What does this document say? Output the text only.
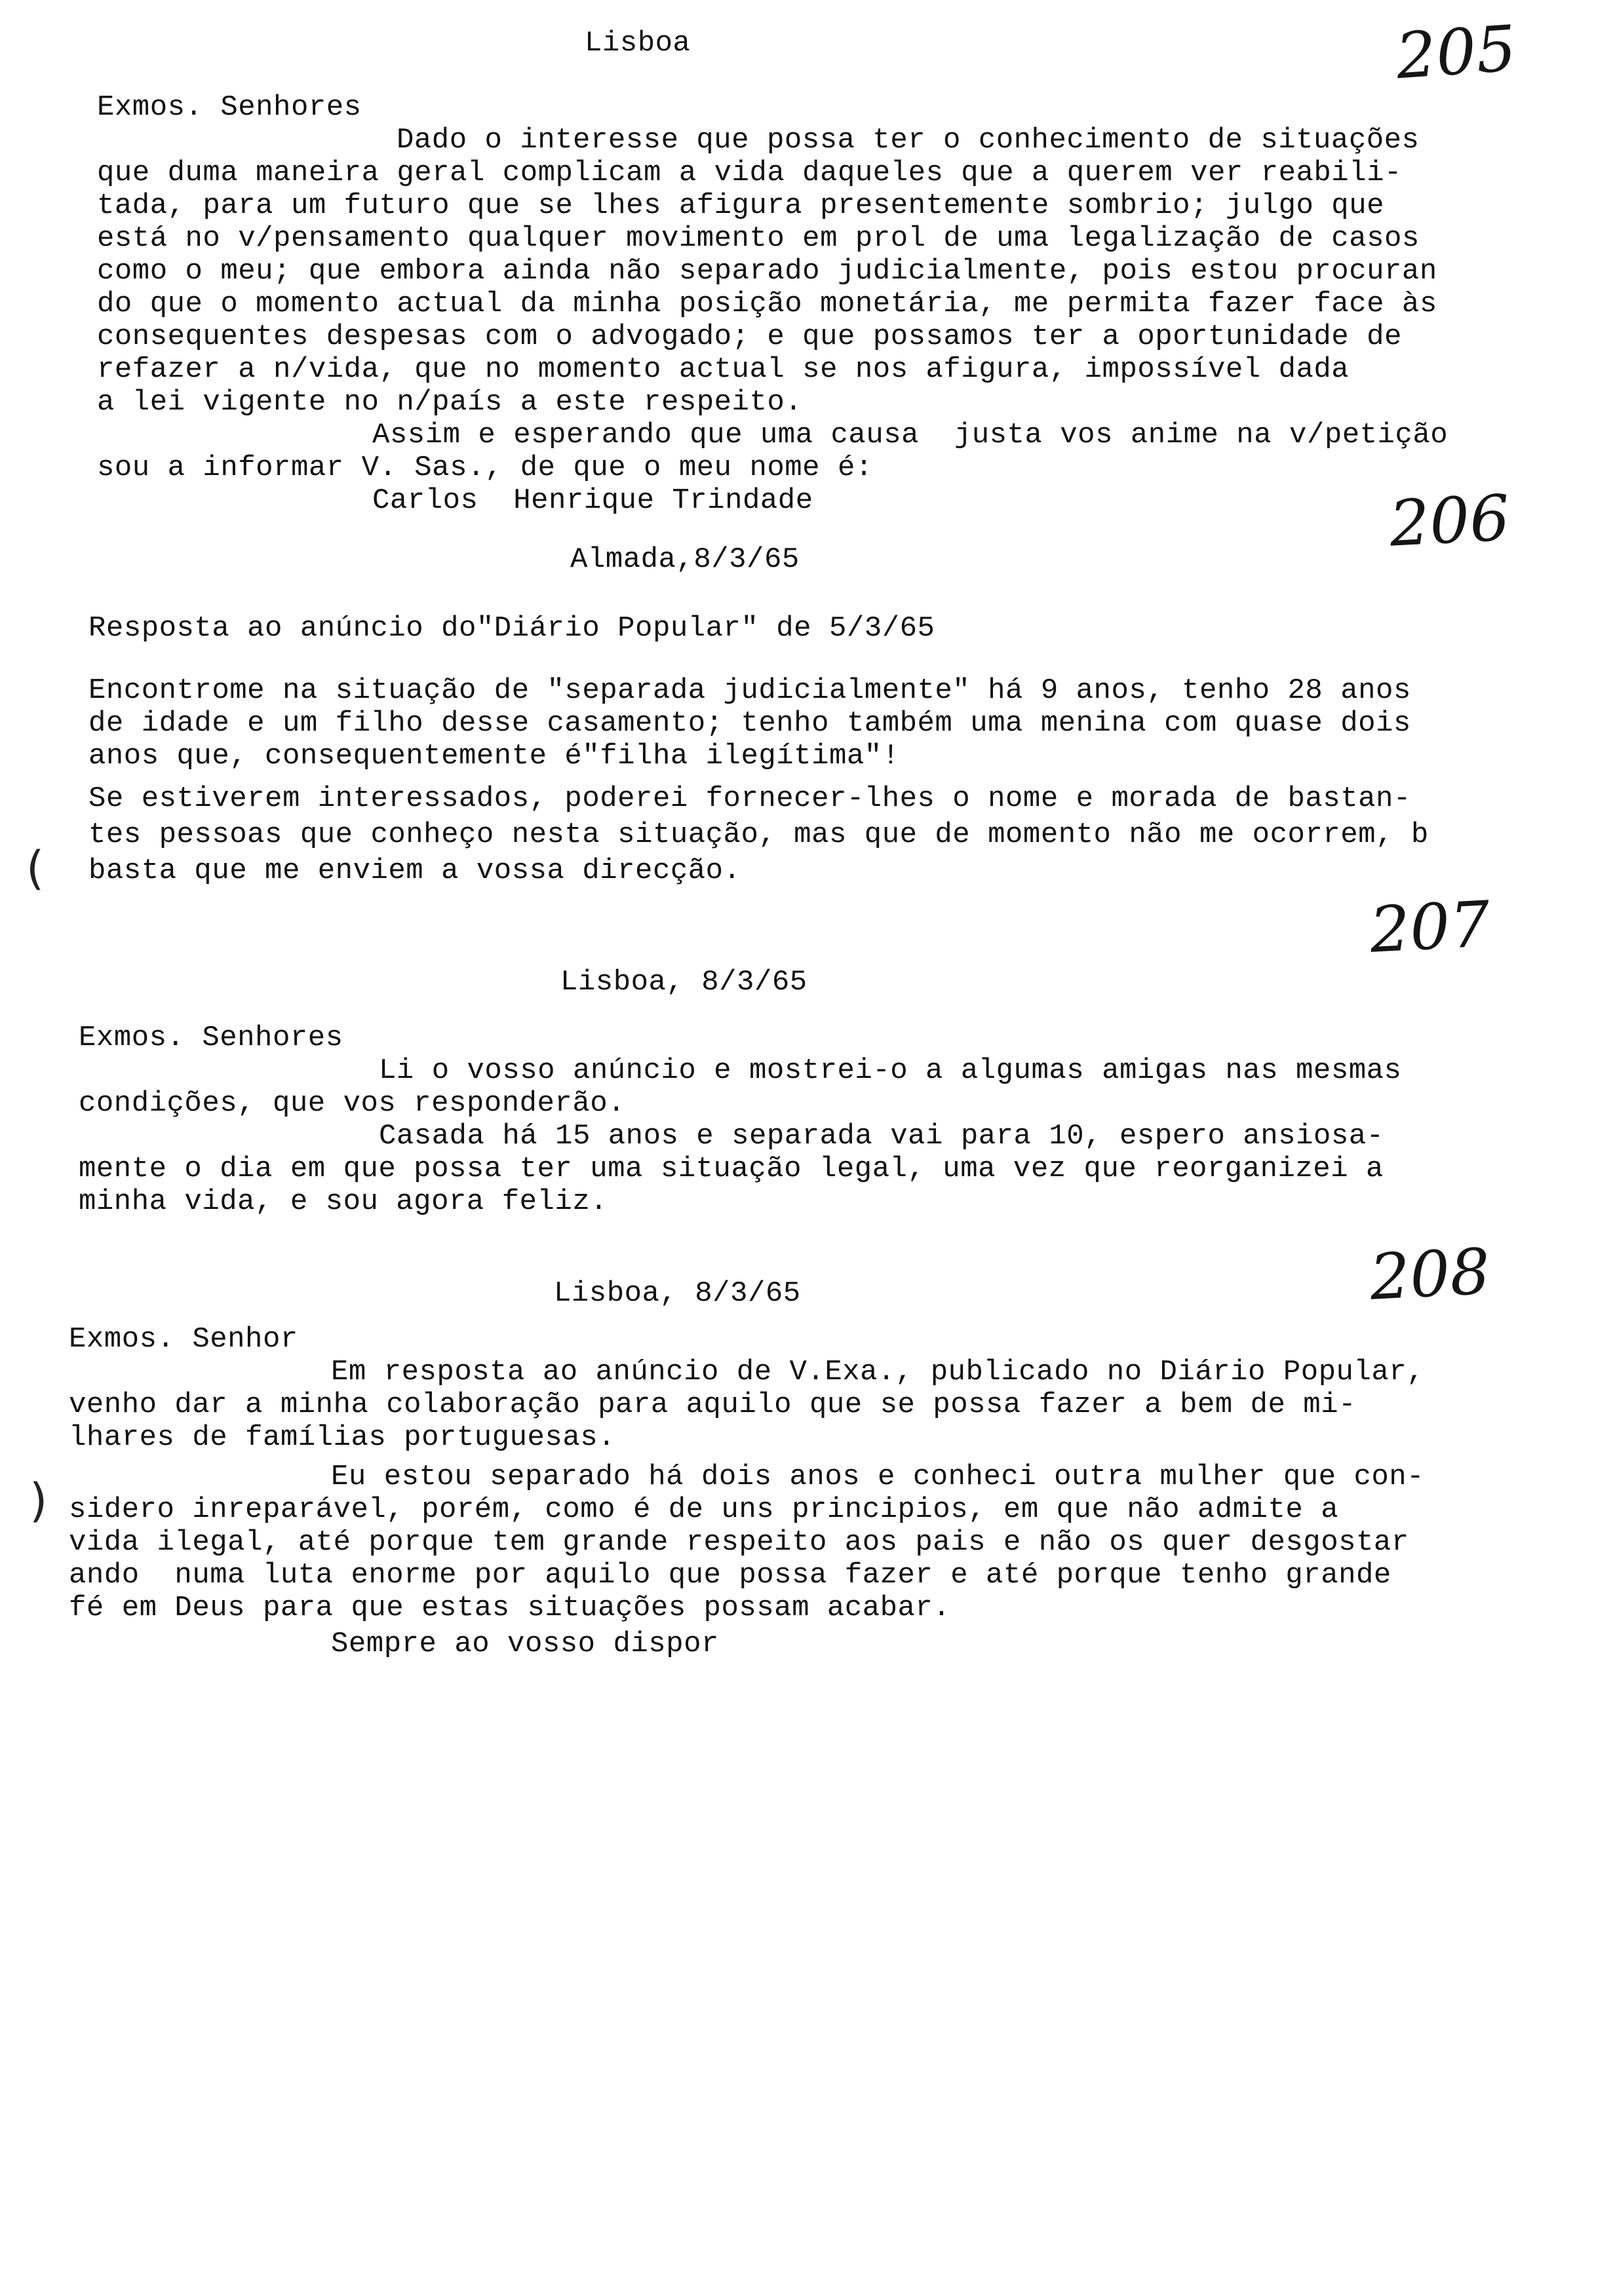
Lisboa	205
Exmos. Senhores
Dado o interesse que possa ter o conhecimento de situações
que duma maneira geral complicam a vida daqueles que a querem ver reabili-
tada, para um futuro que se lhes afigura presentemente sombrio; julgo que
está no v/pensamento qualquer movimento em prol de uma legalização de casos
como o meu; que embora ainda não separado judicialmente, pois estou procuran
do que o momento actual da minha posição monetária, me permita fazer face às
consequentes despesas com o advogado; e que possamos ter a oportunidade de
refazer a n/vida, que no momento actual se nos afigura, impossível dada
a lei vigente no n/país a este respeito.
Assim e esperando que uma causa  justa vos anime na v/petição
sou a informar V. Sas., de que o meu nome é:
Carlos  Henrique Trindade	206
Almada,8/3/65
Resposta ao anúncio do"Diário Popular" de 5/3/65
Encontrome na situação de "separada judicialmente" há 9 anos, tenho 28 anos
de idade e um filho desse casamento; tenho também uma menina com quase dois
anos que, consequentemente é"filha ilegítima"!
Se estiverem interessados, poderei fornecer-lhes o nome e morada de bastan-
tes pessoas que conheço nesta situação, mas que de momento não me ocorrem, b
basta que me enviem a vossa direcção.
(
207
Lisboa, 8/3/65
Exmos. Senhores
Li o vosso anúncio e mostrei-o a algumas amigas nas mesmas
condições, que vos responderão.
Casada há 15 anos e separada vai para 10, espero ansiosa-
mente o dia em que possa ter uma situação legal, uma vez que reorganizei a
minha vida, e sou agora feliz.
208
Lisboa, 8/3/65
Exmos. Senhor
Em resposta ao anúncio de V.Exa., publicado no Diário Popular,
venho dar a minha colaboração para aquilo que se possa fazer a bem de mi-
lhares de famílias portuguesas.
Eu estou separado há dois anos e conheci outra mulher que con-
sidero inreparável, porém, como é de uns principios, em que não admite a
vida ilegal, até porque tem grande respeito aos pais e não os quer desgostar
ando  numa luta enorme por aquilo que possa fazer e até porque tenho grande
fé em Deus para que estas situações possam acabar.
Sempre ao vosso dispor
)
